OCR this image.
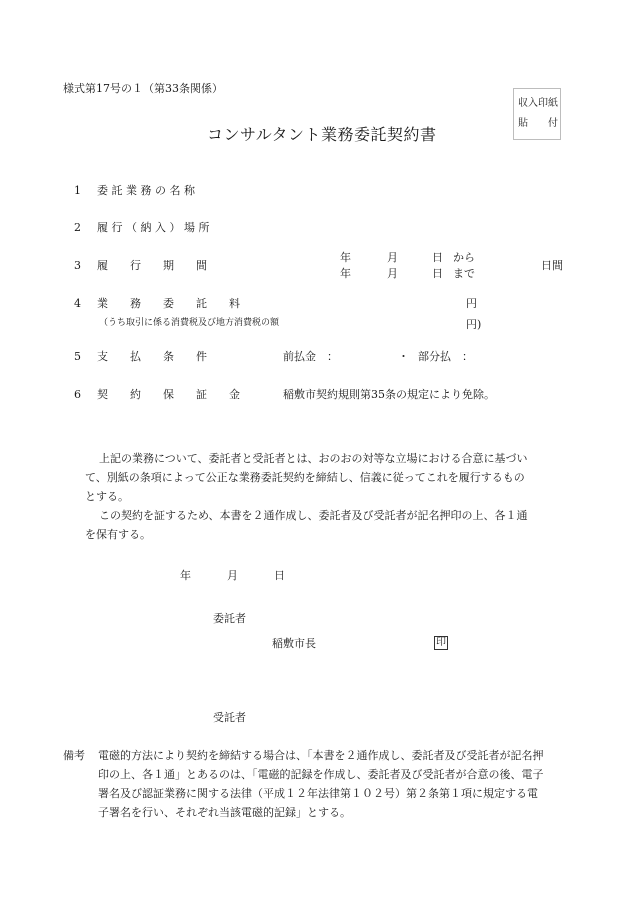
様式第17号の１（第33条関係）
収入印紙
貼　　付
コンサルタント業務委託契約書
1 委 託 業 務 の 名 称
2 履 行 （ 納 入 ） 場 所
3 履　　行　　期　　間
年	月	日 から
年	月	日 まで
日間
4 業　　務　　委　　託　　料	円
（うち取引に係る消費税及び地方消費税の額	円)
5 支　　払　　条　　件	前払金　：	・ 部分払　：
6 契　　約　　保　　証　　金	稲敷市契約規則第35条の規定により免除。
上記の業務について、委託者と受託者とは、おのおの対等な立場における合意に基づい
て、別紙の条項によって公正な業務委託契約を締結し、信義に従ってこれを履行するもの
とする。
この契約を証するため、本書を２通作成し、委託者及び受託者が記名押印の上、各１通
を保有する。
年	月	日
委託者
稲敷市長	印
受託者
備考 電磁的方法により契約を締結する場合は、「本書を２通作成し、委託者及び受託者が記名押
印の上、各１通」とあるのは、「電磁的記録を作成し、委託者及び受託者が合意の後、電子
署名及び認証業務に関する法律（平成１２年法律第１０２号）第２条第１項に規定する電
子署名を行い、それぞれ当該電磁的記録」とする。
